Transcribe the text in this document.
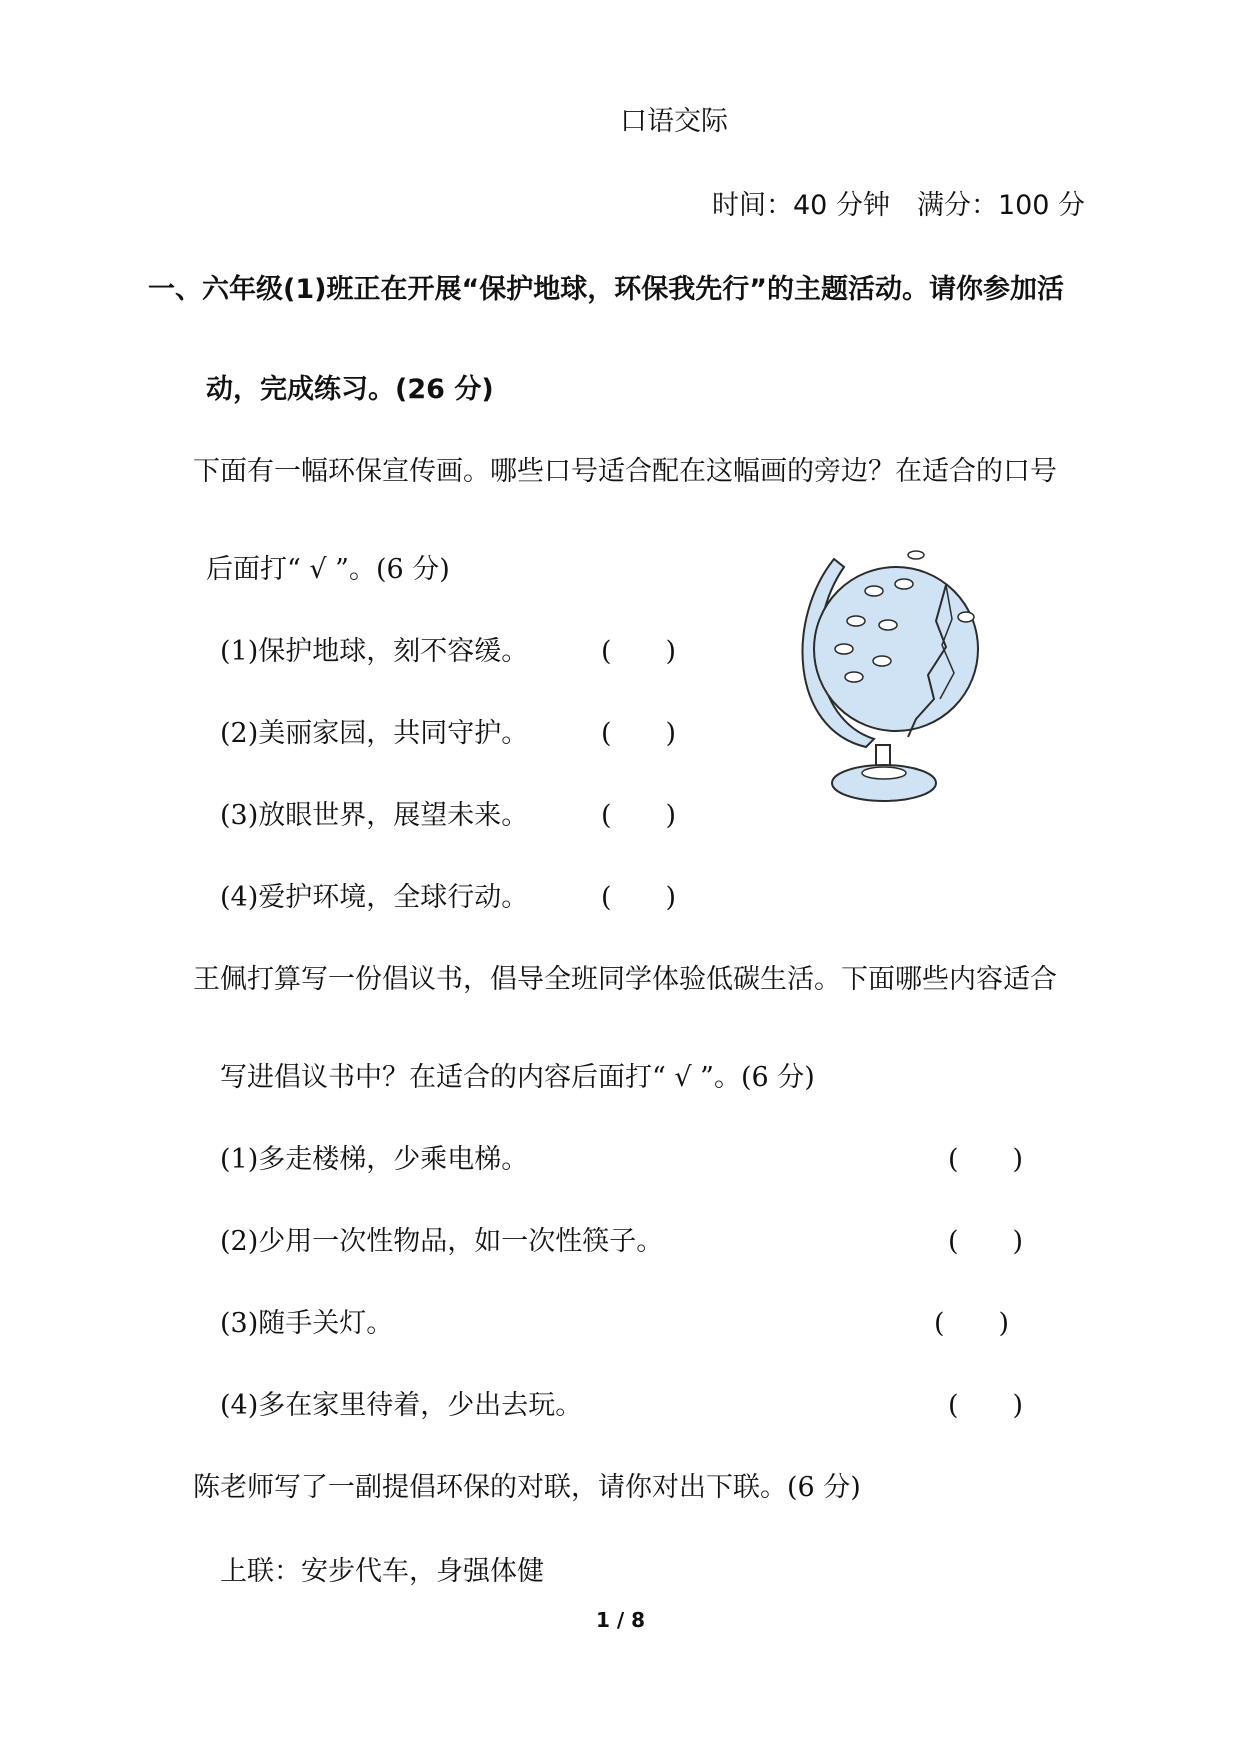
口语交际
时间：40 分钟　满分：100 分
一、六年级(1)班正在开展“保护地球，环保我先行”的主题活动。请你参加活
动，完成练习。(26 分)
下面有一幅环保宣传画。哪些口号适合配在这幅画的旁边？在适合的口号
后面打“ √ ”。(6 分)
(1)保护地球，刻不容缓。	(　　)
(2)美丽家园，共同守护。	(　　)
(3)放眼世界，展望未来。	(　　)
(4)爱护环境，全球行动。	(　　)
王佩打算写一份倡议书，倡导全班同学体验低碳生活。下面哪些内容适合
写进倡议书中？在适合的内容后面打“ √ ”。(6 分)
(1)多走楼梯，少乘电梯。	(　　)
(2)少用一次性物品，如一次性筷子。	(　　)
(3)随手关灯。	(　　)
(4)多在家里待着，少出去玩。	(　　)
陈老师写了一副提倡环保的对联，请你对出下联。(6 分)
上联：安步代车，身强体健
1 / 8
